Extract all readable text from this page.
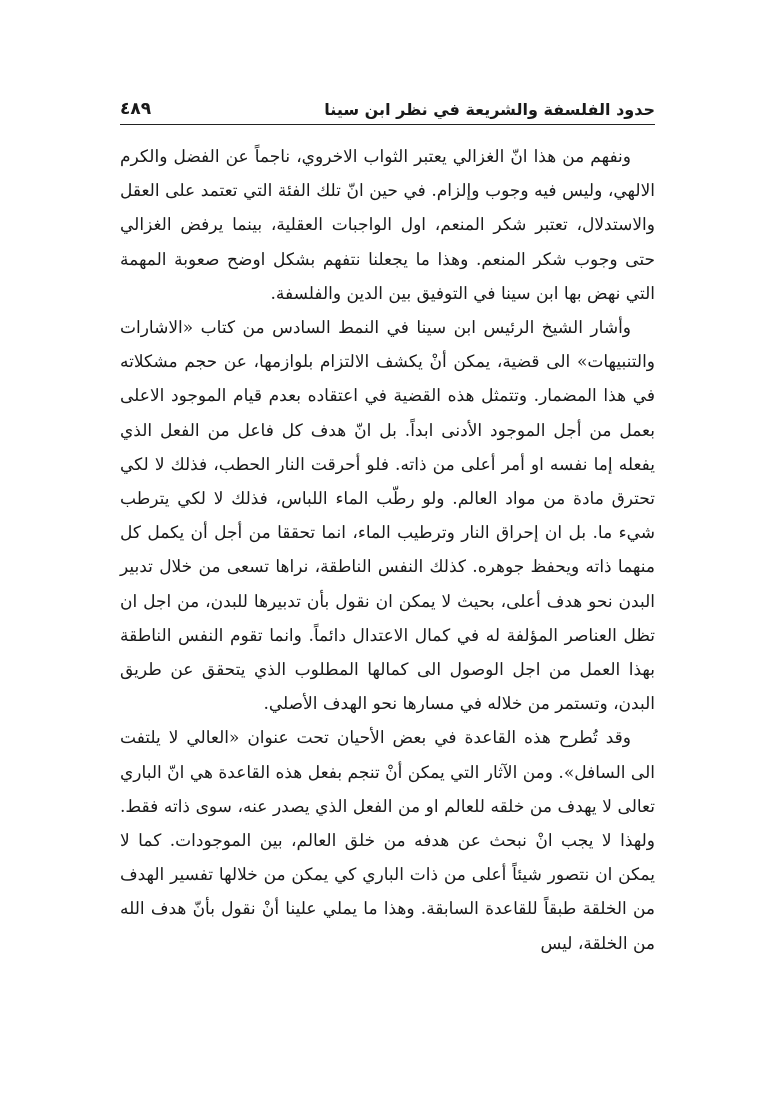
حدود الفلسفة والشريعة في نظر ابن سينا
٤٨٩

ونفهم من هذا انّ الغزالي يعتبر الثواب الاخروي، ناجماً عن الفضل والكرم الالهي، وليس فيه وجوب وإلزام. في حين انّ تلك الفئة التي تعتمد على العقل والاستدلال، تعتبر شكر المنعم، اول الواجبات العقلية، بينما يرفض الغزالي حتى وجوب شكر المنعم. وهذا ما يجعلنا نتفهم بشكل اوضح صعوبة المهمة التي نهض بها ابن سينا في التوفيق بين الدين والفلسفة.

وأشار الشيخ الرئيس ابن سينا في النمط السادس من كتاب «الاشارات والتنبيهات» الى قضية، يمكن أنْ يكشف الالتزام بلوازمها، عن حجم مشكلاته في هذا المضمار. وتتمثل هذه القضية في اعتقاده بعدم قيام الموجود الاعلى بعمل من أجل الموجود الأدنى ابداً. بل انّ هدف كل فاعل من الفعل الذي يفعله إما نفسه او أمر أعلى من ذاته. فلو أحرقت النار الحطب، فذلك لا لكي تحترق مادة من مواد العالم. ولو رطّب الماء اللباس، فذلك لا لكي يترطب شيء ما. بل ان إحراق النار وترطيب الماء، انما تحققا من أجل أن يكمل كل منهما ذاته ويحفظ جوهره. كذلك النفس الناطقة، نراها تسعى من خلال تدبير البدن نحو هدف أعلى، بحيث لا يمكن ان نقول بأن تدبيرها للبدن، من اجل ان تظل العناصر المؤلفة له في كمال الاعتدال دائماً. وانما تقوم النفس الناطقة بهذا العمل من اجل الوصول الى كمالها المطلوب الذي يتحقق عن طريق البدن، وتستمر من خلاله في مسارها نحو الهدف الأصلي.

وقد تُطرح هذه القاعدة في بعض الأحيان تحت عنوان «العالي لا يلتفت الى السافل». ومن الآثار التي يمكن أنْ تنجم بفعل هذه القاعدة هي انّ الباري تعالى لا يهدف من خلقه للعالم او من الفعل الذي يصدر عنه، سوى ذاته فقط. ولهذا لا يجب انْ نبحث عن هدفه من خلق العالم، بين الموجودات. كما لا يمكن ان نتصور شيئاً أعلى من ذات الباري كي يمكن من خلالها تفسير الهدف من الخلقة طبقاً للقاعدة السابقة. وهذا ما يملي علينا أنْ نقول بأنّ هدف الله من الخلقة، ليس
